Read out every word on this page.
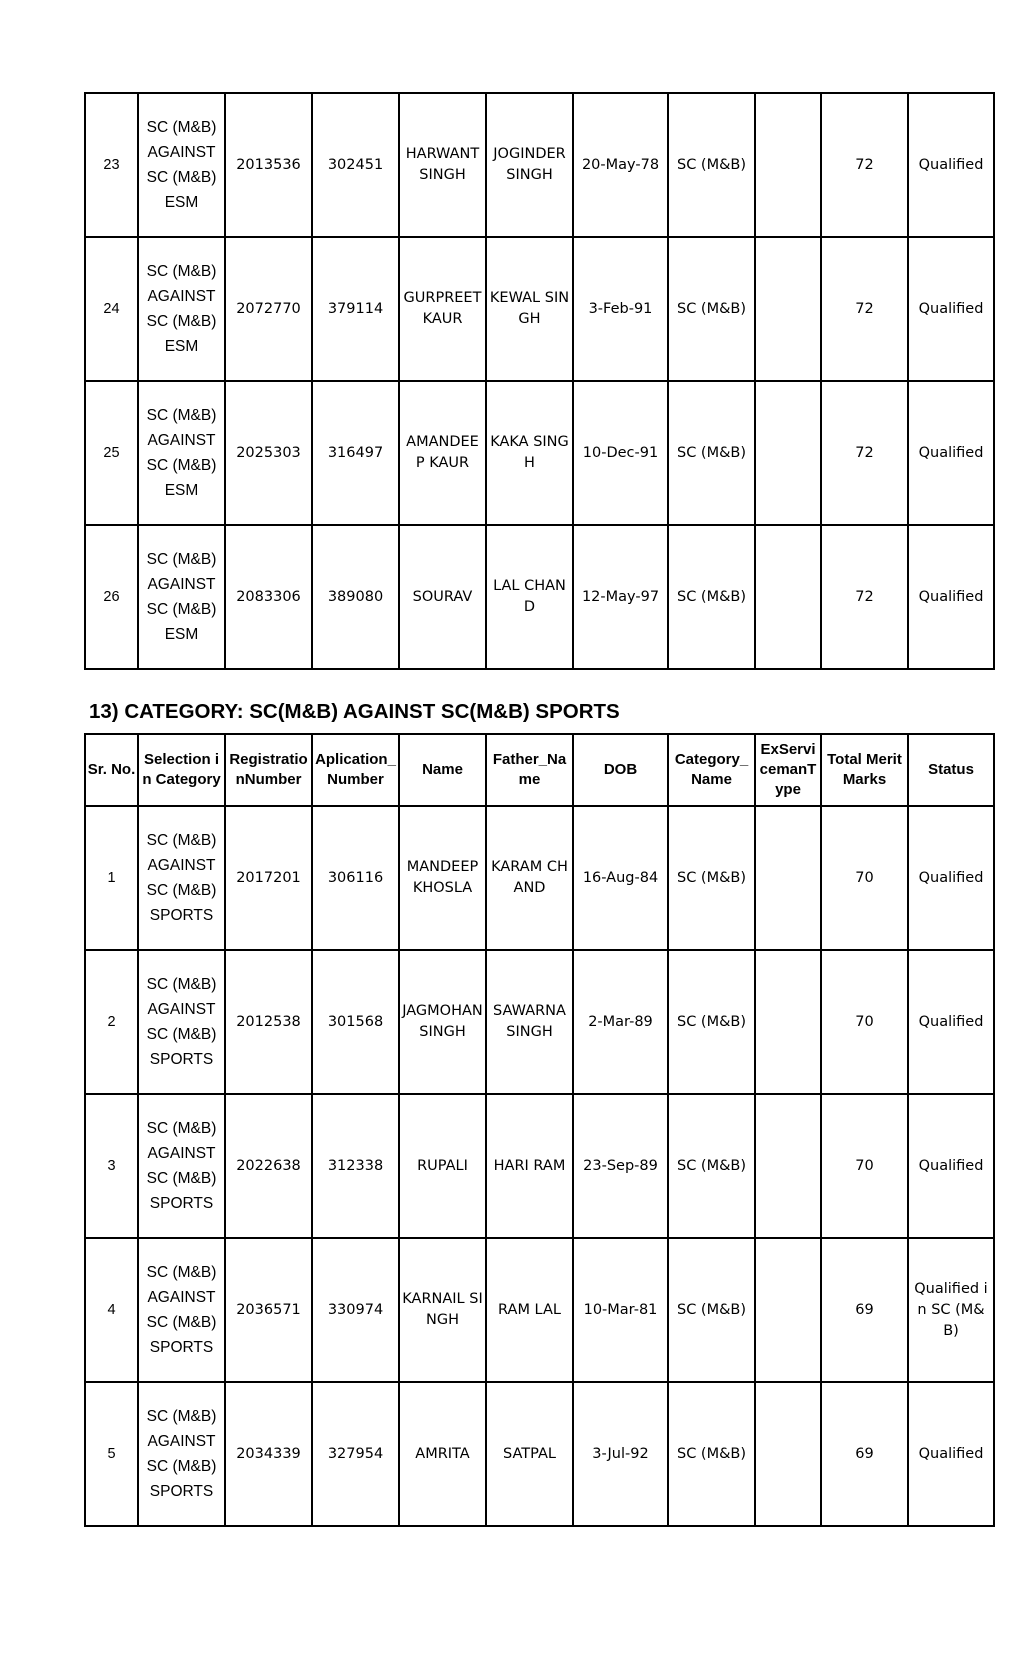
23	SC (M&B) AGAINST SC (M&B) ESM	2013536	302451	HARWANT SINGH	JOGINDER SINGH	20-May-78	SC (M&B)		72	Qualified
24	SC (M&B) AGAINST SC (M&B) ESM	2072770	379114	GURPREET KAUR	KEWAL SINGH	3-Feb-91	SC (M&B)		72	Qualified
25	SC (M&B) AGAINST SC (M&B) ESM	2025303	316497	AMANDEEP KAUR	KAKA SINGH	10-Dec-91	SC (M&B)		72	Qualified
26	SC (M&B) AGAINST SC (M&B) ESM	2083306	389080	SOURAV	LAL CHAND	12-May-97	SC (M&B)		72	Qualified
13) CATEGORY: SC(M&B) AGAINST SC(M&B) SPORTS
Sr. No.	Selection in Category	RegistrationNumber	Aplication_Number	Name	Father_Name	DOB	Category_Name	ExServicemanType	Total Merit Marks	Status
1	SC (M&B) AGAINST SC (M&B) SPORTS	2017201	306116	MANDEEP KHOSLA	KARAM CHAND	16-Aug-84	SC (M&B)		70	Qualified
2	SC (M&B) AGAINST SC (M&B) SPORTS	2012538	301568	JAGMOHAN SINGH	SAWARNA SINGH	2-Mar-89	SC (M&B)		70	Qualified
3	SC (M&B) AGAINST SC (M&B) SPORTS	2022638	312338	RUPALI	HARI RAM	23-Sep-89	SC (M&B)		70	Qualified
4	SC (M&B) AGAINST SC (M&B) SPORTS	2036571	330974	KARNAIL SINGH	RAM LAL	10-Mar-81	SC (M&B)		69	Qualified in SC (M&B)
5	SC (M&B) AGAINST SC (M&B) SPORTS	2034339	327954	AMRITA	SATPAL	3-Jul-92	SC (M&B)		69	Qualified
